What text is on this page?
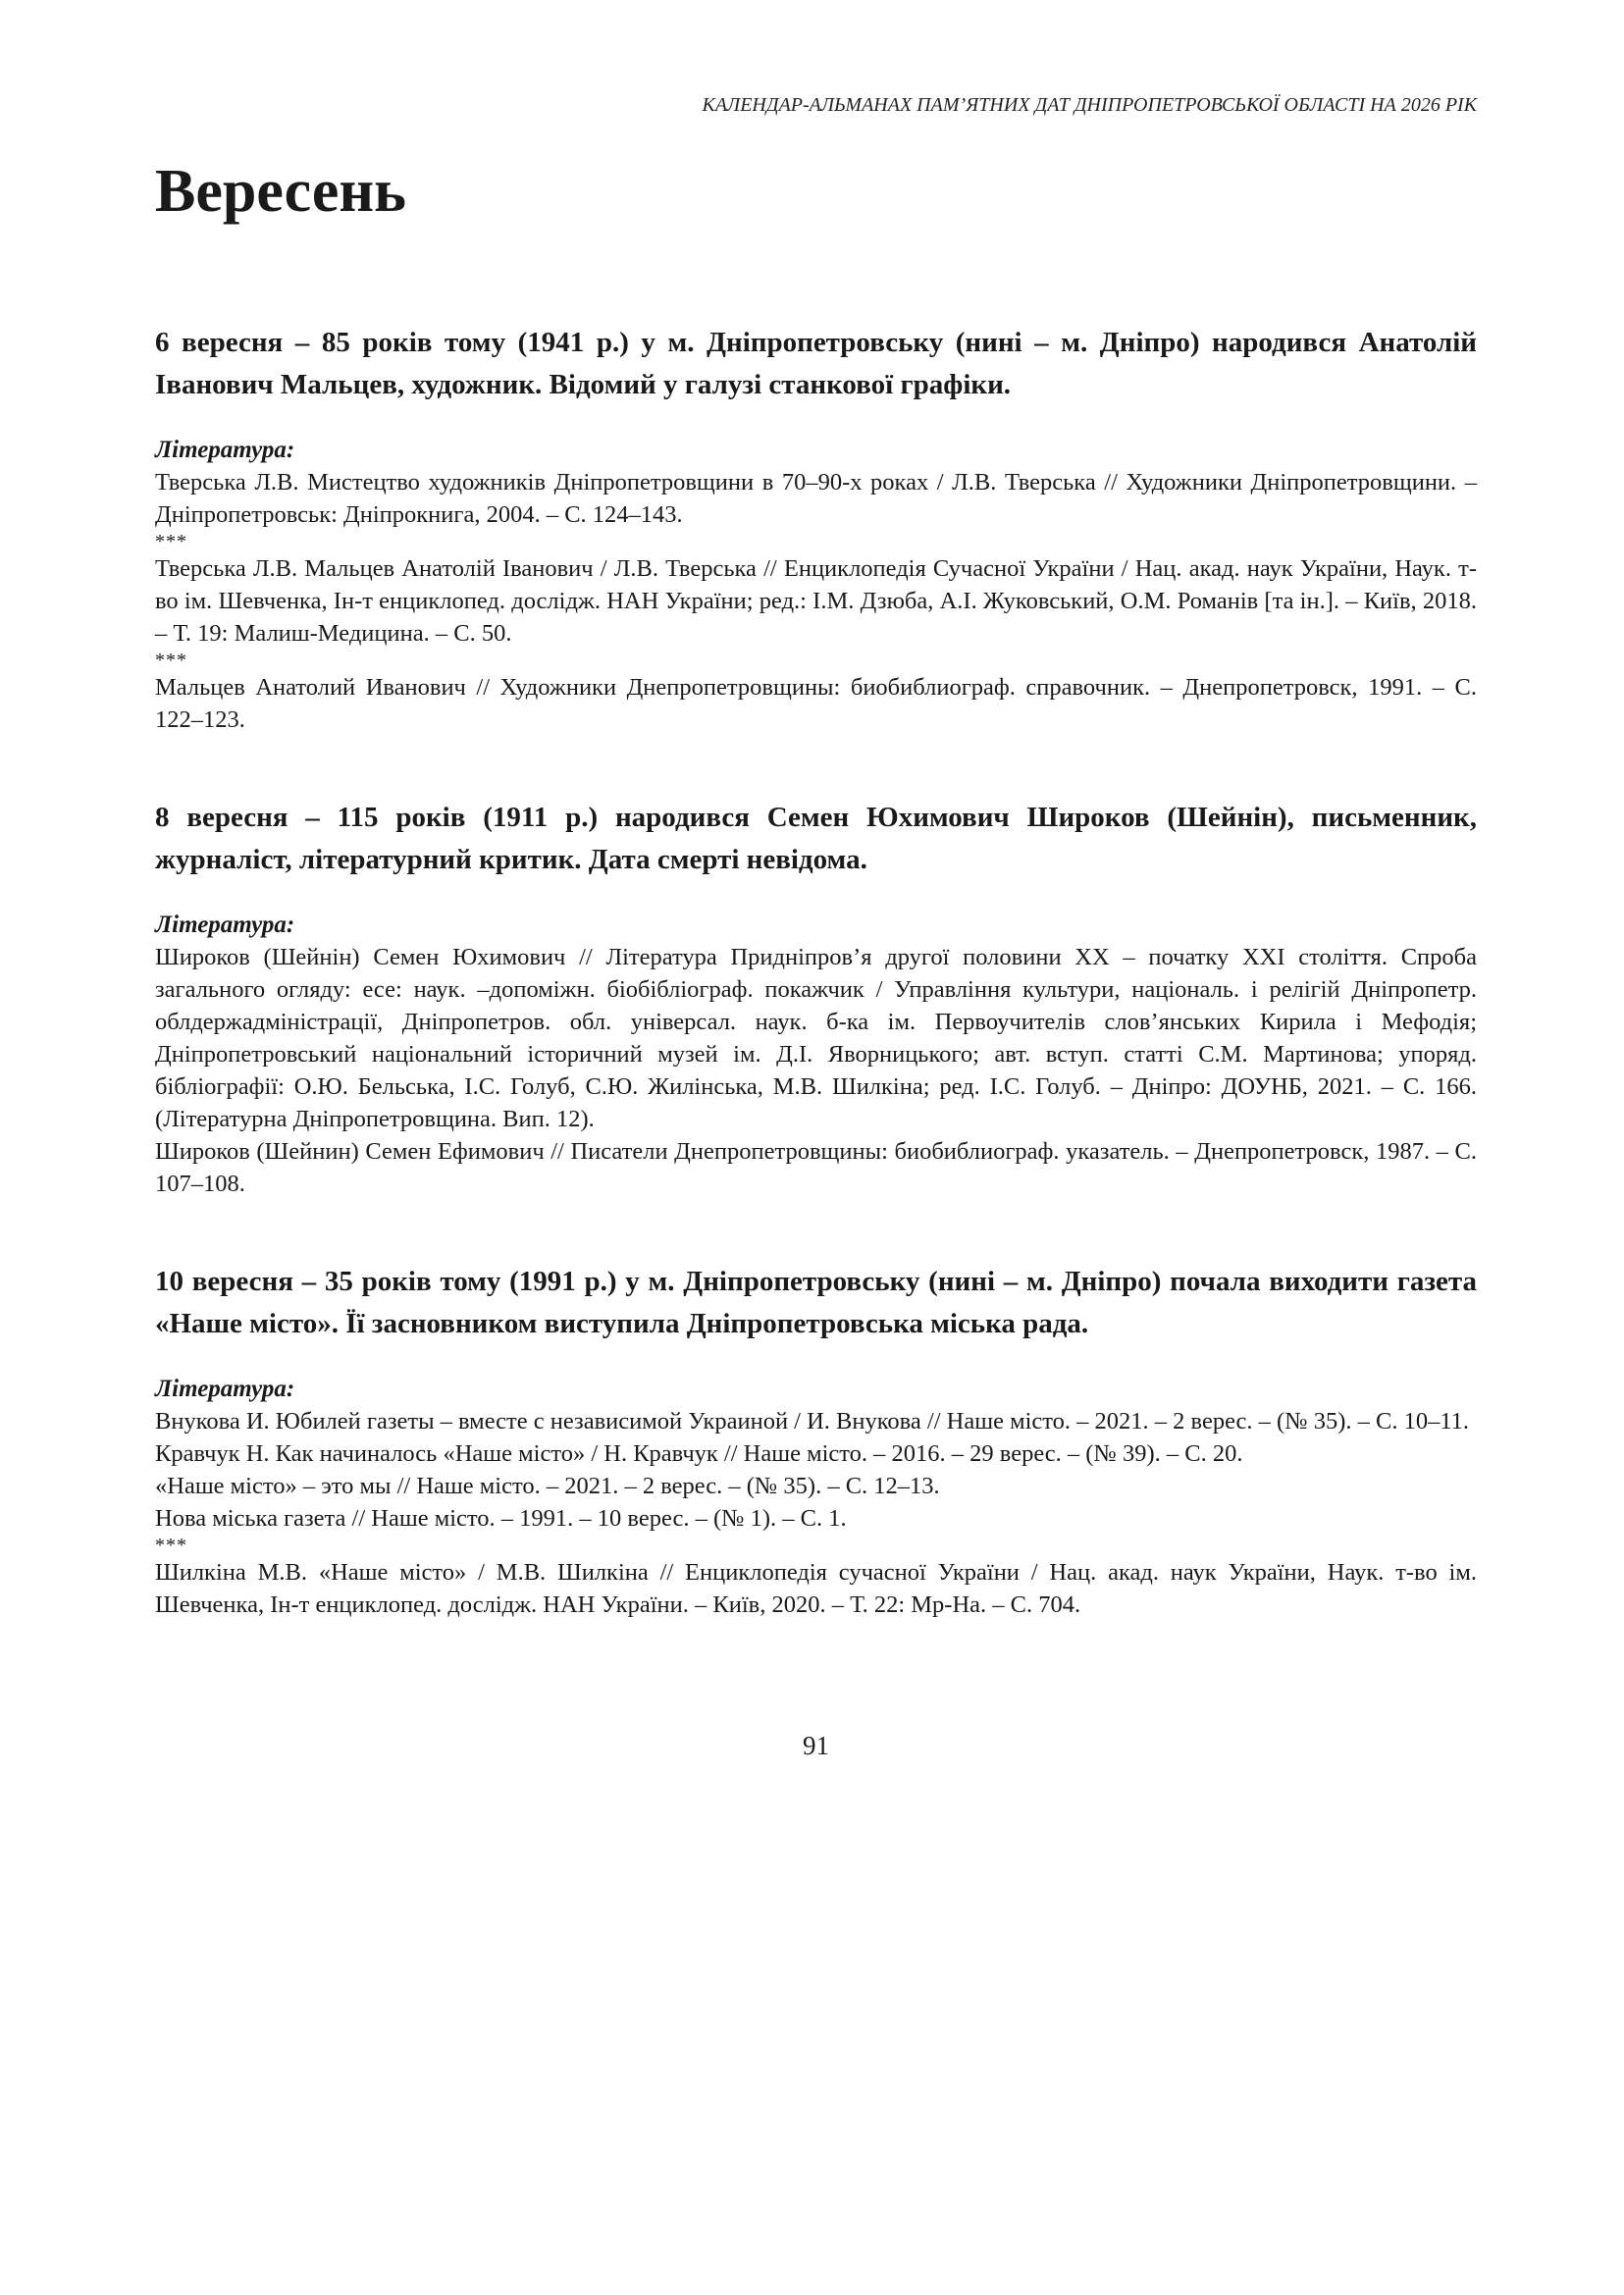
КАЛЕНДАР-АЛЬМАНАХ ПАМ’ЯТНИХ ДАТ ДНІПРОПЕТРОВСЬКОЇ ОБЛАСТІ НА 2026 РІК
Вересень
6 вересня – 85 років тому (1941 р.) у м. Дніпропетровську (нині – м. Дніпро) народився Анатолій Іванович Мальцев, художник. Відомий у галузі станкової графіки.
Література:
Тверська Л.В. Мистецтво художників Дніпропетровщини в 70–90-х роках / Л.В. Тверська // Художники Дніпропетровщини. – Дніпропетровськ: Дніпрокнига, 2004. – С. 124–143.
***
Тверська Л.В. Мальцев Анатолій Іванович / Л.В. Тверська // Енциклопедія Сучасної України / Нац. акад. наук України, Наук. т-во ім. Шевченка, Ін-т енциклопед. дослідж. НАН України; ред.: І.М. Дзюба, А.І. Жуковський, О.М. Романів [та ін.]. – Київ, 2018. – Т. 19: Малиш-Медицина. – С. 50.
***
Мальцев Анатолий Иванович // Художники Днепропетровщины: биобиблиограф. справочник. – Днепропетровск, 1991. – С. 122–123.
8 вересня – 115 років (1911 р.) народився Семен Юхимович Широков (Шейнін), письменник, журналіст, літературний критик. Дата смерті невідома.
Література:
Широков (Шейнін) Семен Юхимович // Література Придніпров’я другої половини ХХ – початку ХХІ століття. Спроба загального огляду: есе: наук. –допоміжн. біобібліограф. покажчик / Управління культури, національ. і релігій Дніпропетр. облдержадміністрації, Дніпропетров. обл. універсал. наук. б-ка ім. Первоучителів слов’янських Кирила і Мефодія; Дніпропетровський національний історичний музей ім. Д.І. Яворницького; авт. вступ. статті С.М. Мартинова; упоряд. бібліографії: О.Ю. Бельська, І.С. Голуб, С.Ю. Жилінська, М.В. Шилкіна; ред. І.С. Голуб. – Дніпро: ДОУНБ, 2021. – С. 166. (Літературна Дніпропетровщина. Вип. 12).
Широков (Шейнин) Семен Ефимович // Писатели Днепропетровщины: биобиблиограф. указатель. – Днепропетровск, 1987. – С. 107–108.
10 вересня – 35 років тому (1991 р.) у м. Дніпропетровську (нині – м. Дніпро) почала виходити газета «Наше місто». Її засновником виступила Дніпропетровська міська рада.
Література:
Внукова И. Юбилей газеты – вместе с независимой Украиной / И. Внукова // Наше місто. – 2021. – 2 верес. – (№ 35). – С. 10–11.
Кравчук Н. Как начиналось «Наше місто» / Н. Кравчук // Наше місто. – 2016. – 29 верес. – (№ 39). – С. 20.
«Наше місто» – это мы // Наше місто. – 2021. – 2 верес. – (№ 35). – С. 12–13.
Нова міська газета // Наше місто. – 1991. – 10 верес. – (№ 1). – С. 1.
***
Шилкіна М.В. «Наше місто» / М.В. Шилкіна // Енциклопедія сучасної України / Нац. акад. наук України, Наук. т-во ім. Шевченка, Ін-т енциклопед. дослідж. НАН України. – Київ, 2020. – Т. 22: Мр-На. – С. 704.
91
